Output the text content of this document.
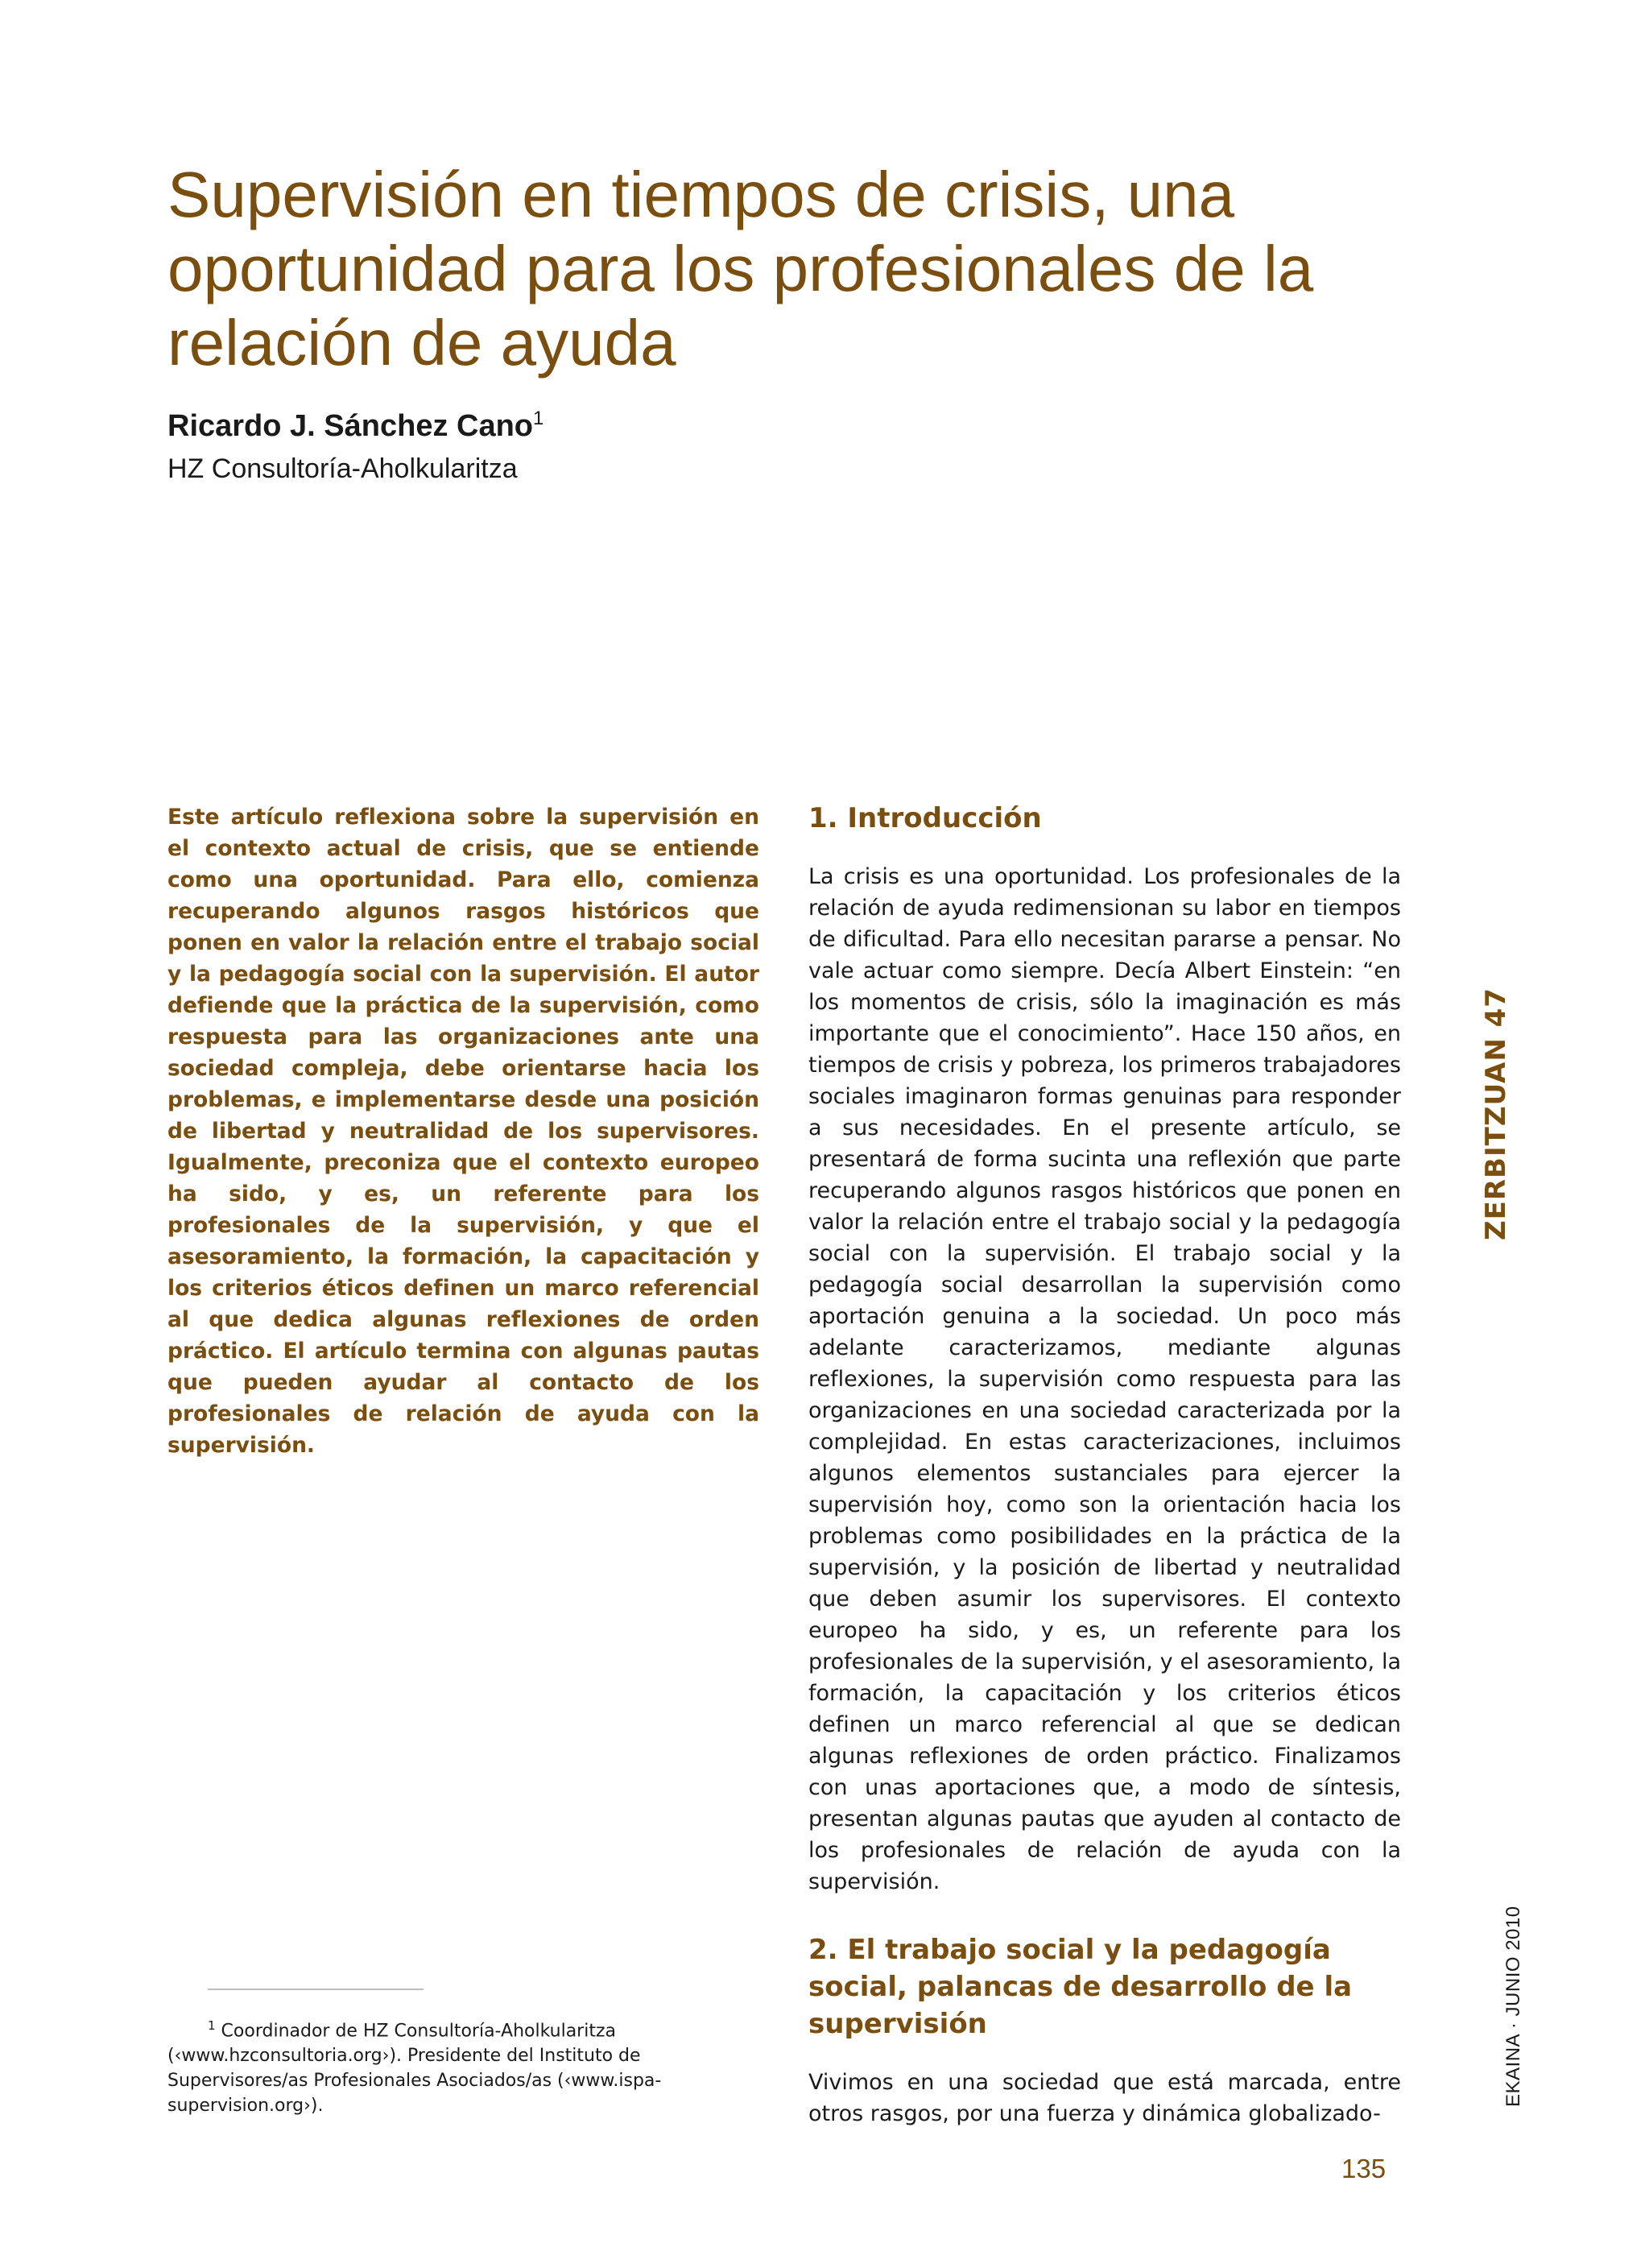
Supervisión en tiempos de crisis, una oportunidad para los profesionales de la relación de ayuda
Ricardo J. Sánchez Cano$^1$
HZ Consultoría-Aholkularitza

Este artículo reflexiona sobre la supervisión en el contexto actual de crisis, que se entiende como una oportunidad. Para ello, comienza recuperando algunos rasgos históricos que ponen en valor la relación entre el trabajo social y la pedagogía social con la supervisión. El autor defiende que la práctica de la supervisión, como respuesta para las organizaciones ante una sociedad compleja, debe orientarse hacia los problemas, e implementarse desde una posición de libertad y neutralidad de los supervisores. Igualmente, preconiza que el contexto europeo ha sido, y es, un referente para los profesionales de la supervisión, y que el asesoramiento, la formación, la capacitación y los criterios éticos definen un marco referencial al que dedica algunas reflexiones de orden práctico. El artículo termina con algunas pautas que pueden ayudar al contacto de los profesionales de relación de ayuda con la supervisión.

1. Introducción

La crisis es una oportunidad. Los profesionales de la relación de ayuda redimensionan su labor en tiempos de dificultad. Para ello necesitan pararse a pensar. No vale actuar como siempre. Decía Albert Einstein: “en los momentos de crisis, sólo la imaginación es más importante que el conocimiento”. Hace 150 años, en tiempos de crisis y pobreza, los primeros trabajadores sociales imaginaron formas genuinas para responder a sus necesidades. En el presente artículo, se presentará de forma sucinta una reflexión que parte recuperando algunos rasgos históricos que ponen en valor la relación entre el trabajo social y la pedagogía social con la supervisión. El trabajo social y la pedagogía social desarrollan la supervisión como aportación genuina a la sociedad. Un poco más adelante caracterizamos, mediante algunas reflexiones, la supervisión como respuesta para las organizaciones en una sociedad caracterizada por la complejidad. En estas caracterizaciones, incluimos algunos elementos sustanciales para ejercer la supervisión hoy, como son la orientación hacia los problemas como posibilidades en la práctica de la supervisión, y la posición de libertad y neutralidad que deben asumir los supervisores. El contexto europeo ha sido, y es, un referente para los profesionales de la supervisión, y el asesoramiento, la formación, la capacitación y los criterios éticos definen un marco referencial al que se dedican algunas reflexiones de orden práctico. Finalizamos con unas aportaciones que, a modo de síntesis, presentan algunas pautas que ayuden al contacto de los profesionales de relación de ayuda con la supervisión.

2. El trabajo social y la pedagogía social, palancas de desarrollo de la supervisión

Vivimos en una sociedad que está marcada, entre otros rasgos, por una fuerza y dinámica globalizado-

$^1$ Coordinador de HZ Consultoría-Aholkularitza (‹www.hzconsultoria.org›). Presidente del Instituto de Supervisores/as Profesionales Asociados/as (‹www.ispa-supervision.org›).

ZERBITZUAN 47
EKAINA · JUNIO 2010
135
